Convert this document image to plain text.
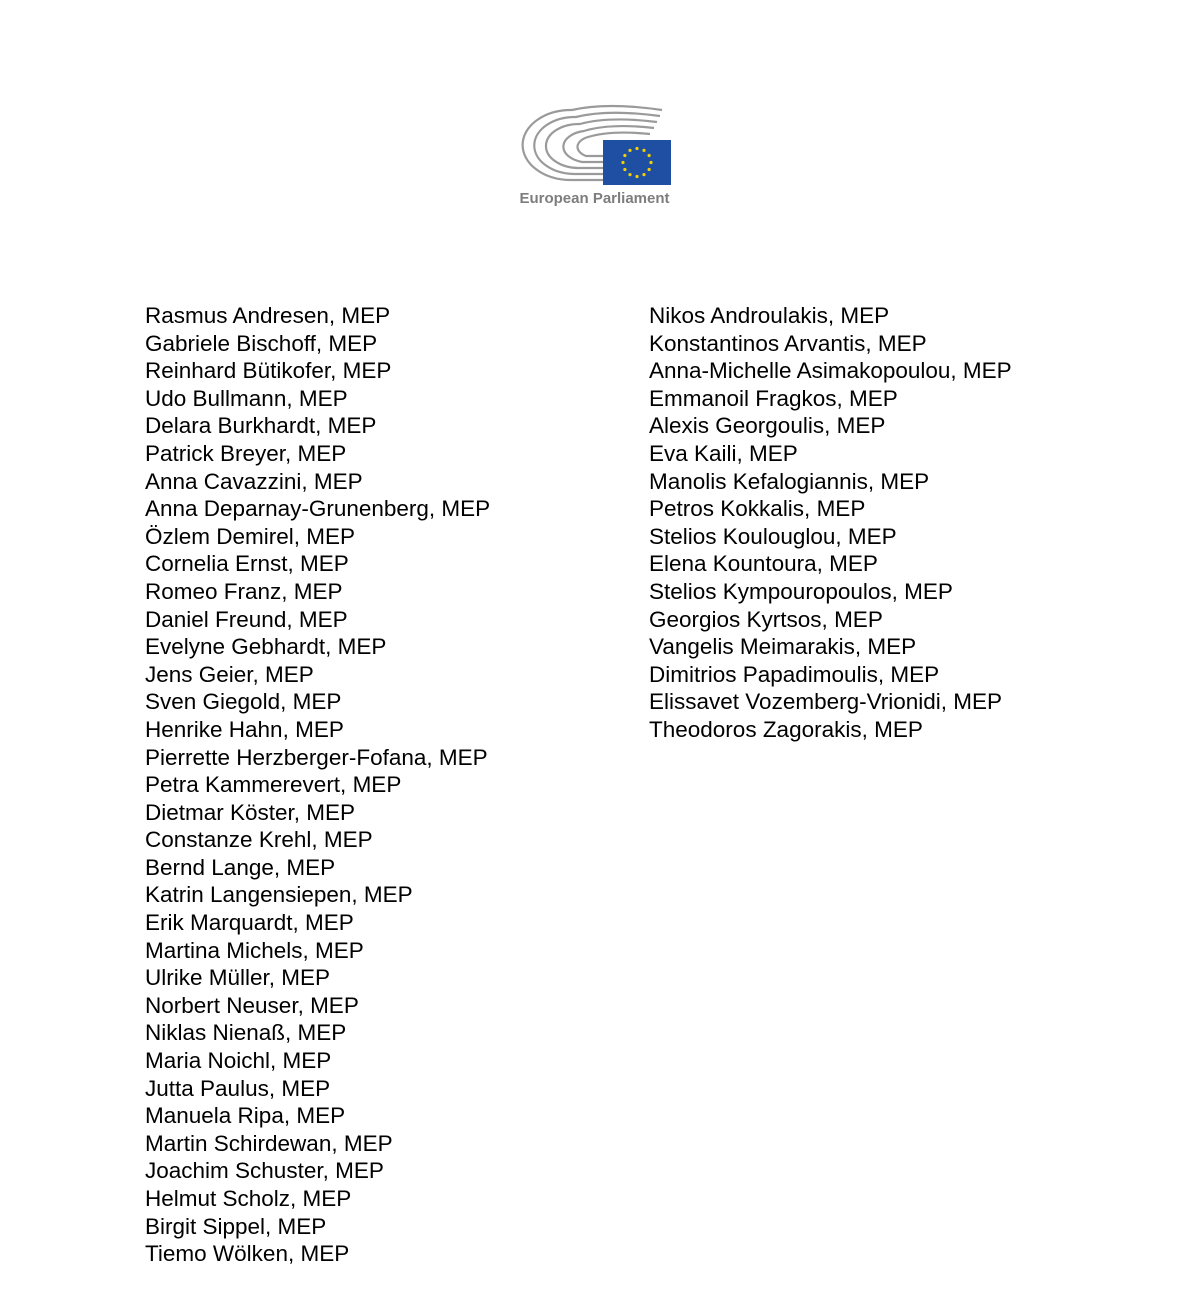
European Parliament
Rasmus Andresen, MEP
Gabriele Bischoff, MEP
Reinhard Bütikofer, MEP
Udo Bullmann, MEP
Delara Burkhardt, MEP
Patrick Breyer, MEP
Anna Cavazzini, MEP
Anna Deparnay-Grunenberg, MEP
Özlem Demirel, MEP
Cornelia Ernst, MEP
Romeo Franz, MEP
Daniel Freund, MEP
Evelyne Gebhardt, MEP
Jens Geier, MEP
Sven Giegold, MEP
Henrike Hahn, MEP
Pierrette Herzberger-Fofana, MEP
Petra Kammerevert, MEP
Dietmar Köster, MEP
Constanze Krehl, MEP
Bernd Lange, MEP
Katrin Langensiepen, MEP
Erik Marquardt, MEP
Martina Michels, MEP
Ulrike Müller, MEP
Norbert Neuser, MEP
Niklas Nienaß, MEP
Maria Noichl, MEP
Jutta Paulus, MEP
Manuela Ripa, MEP
Martin Schirdewan, MEP
Joachim Schuster, MEP
Helmut Scholz, MEP
Birgit Sippel, MEP
Tiemo Wölken, MEP
Nikos Androulakis, MEP
Konstantinos Arvantis, MEP
Anna-Michelle Asimakopoulou, MEP
Emmanoil Fragkos, MEP
Alexis Georgoulis, MEP
Eva Kaili, MEP
Manolis Kefalogiannis, MEP
Petros Kokkalis, MEP
Stelios Koulouglou, MEP
Elena Kountoura, MEP
Stelios Kympouropoulos, MEP
Georgios Kyrtsos, MEP
Vangelis Meimarakis, MEP
Dimitrios Papadimoulis, MEP
Elissavet Vozemberg-Vrionidi, MEP
Theodoros Zagorakis, MEP
